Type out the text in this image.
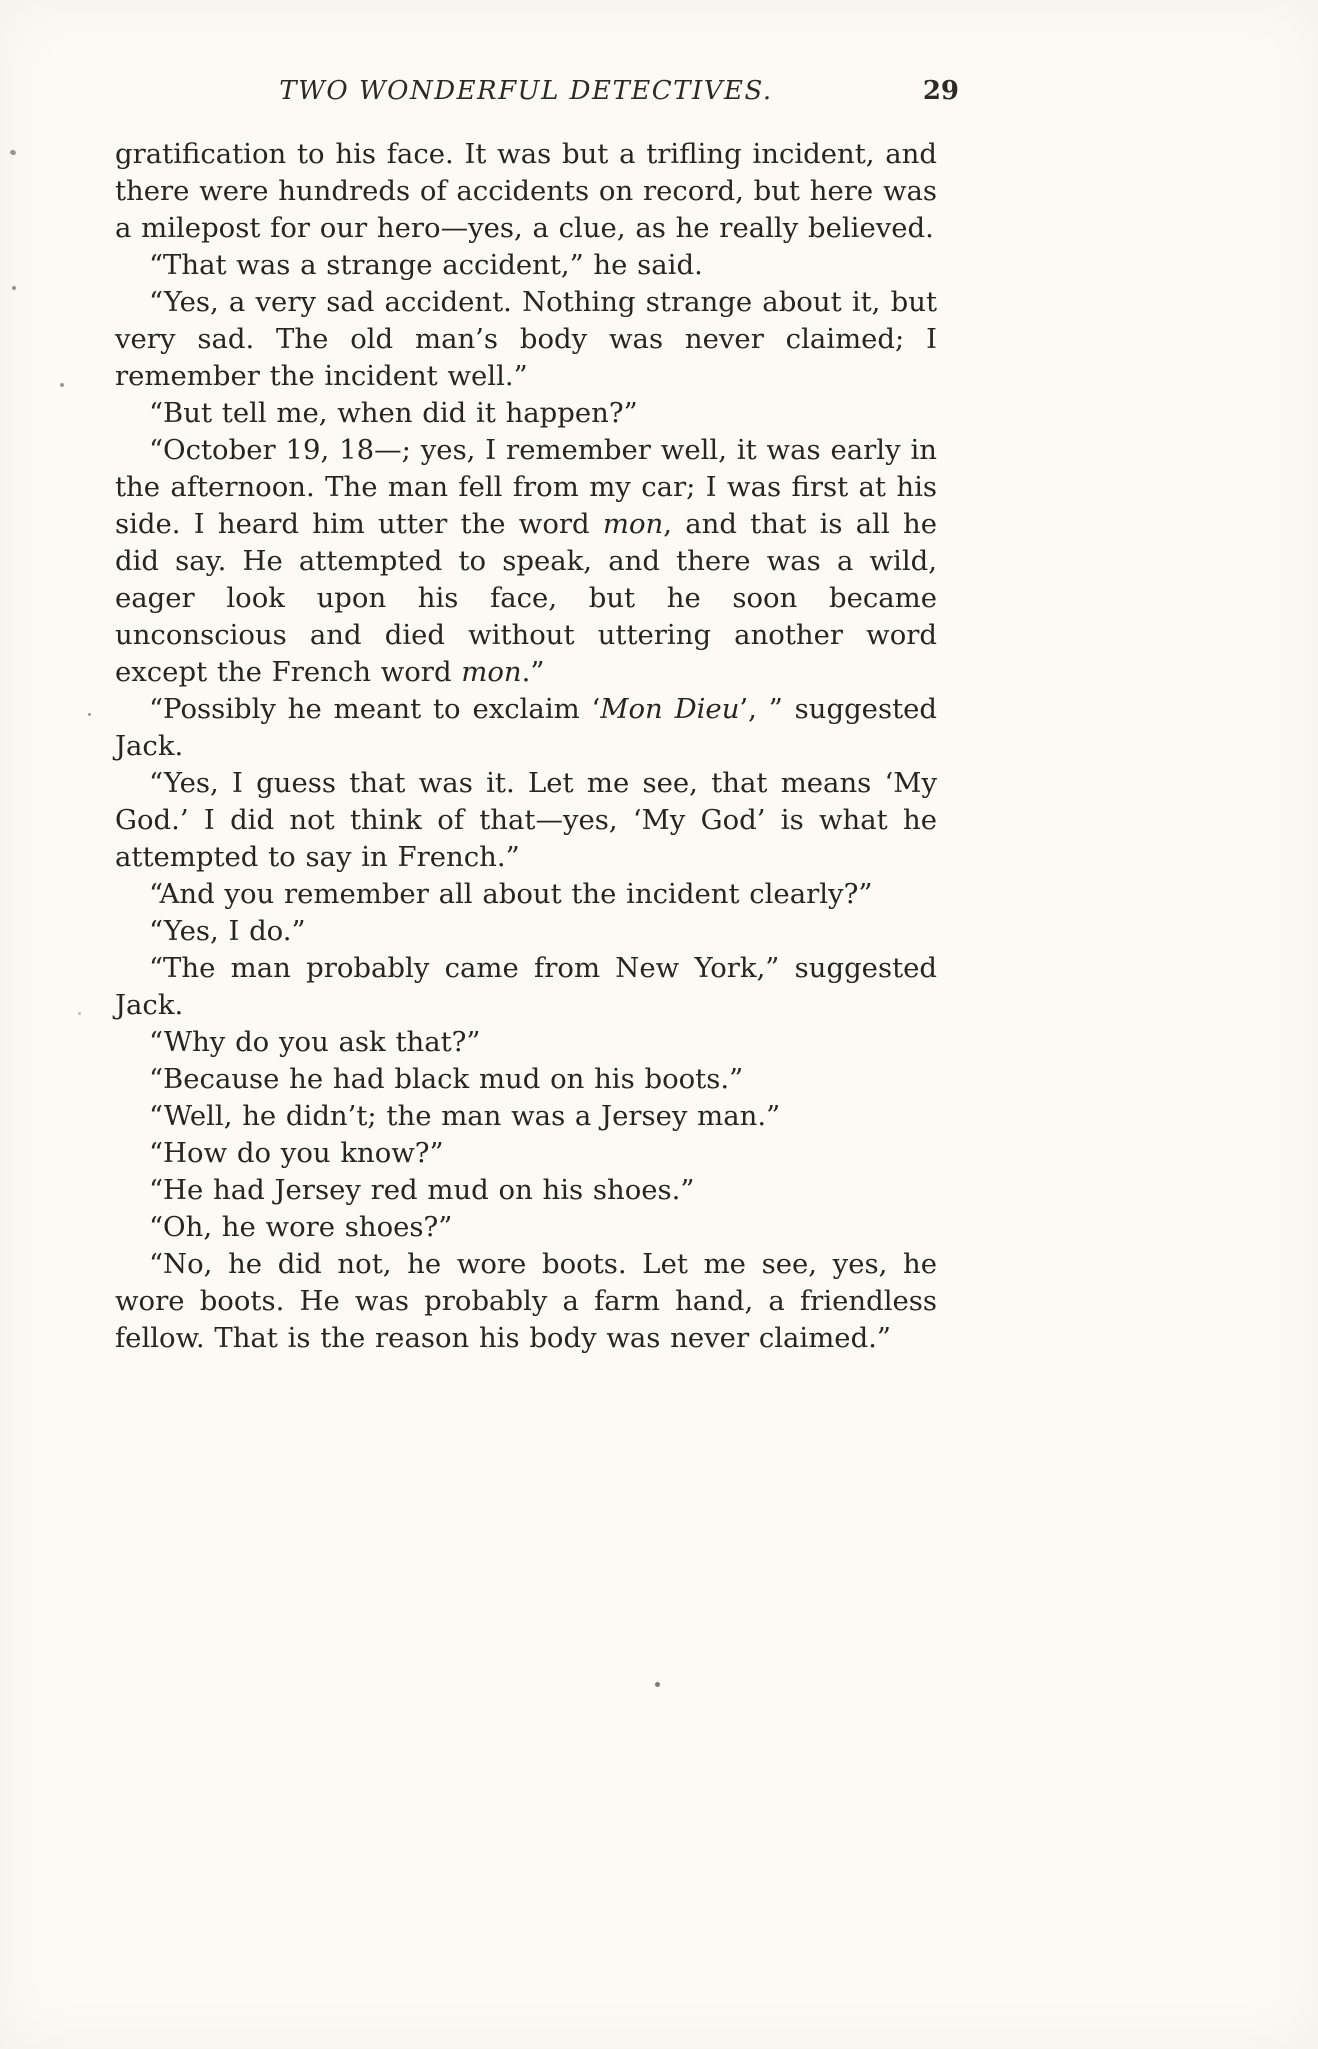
TWO WONDERFUL DETECTIVES.	29

gratification to his face. It was but a trifling incident, and there were hundreds of accidents on record, but here was a milepost for our hero—yes, a clue, as he really believed.

“That was a strange accident,” he said.

“Yes, a very sad accident. Nothing strange about it, but very sad. The old man’s body was never claimed; I remember the incident well.”

“But tell me, when did it happen?”

“October 19, 18—; yes, I remember well, it was early in the afternoon. The man fell from my car; I was first at his side. I heard him utter the word mon, and that is all he did say. He attempted to speak, and there was a wild, eager look upon his face, but he soon became unconscious and died without uttering another word except the French word mon.”

“Possibly he meant to exclaim ‘Mon Dieu’, ” suggested Jack.

“Yes, I guess that was it. Let me see, that means ‘My God.’ I did not think of that—yes, ‘My God’ is what he attempted to say in French.”

“And you remember all about the incident clearly?”

“Yes, I do.”

“The man probably came from New York,” suggested Jack.

“Why do you ask that?”

“Because he had black mud on his boots.”

“Well, he didn’t; the man was a Jersey man.”

“How do you know?”

“He had Jersey red mud on his shoes.”

“Oh, he wore shoes?”

“No, he did not, he wore boots. Let me see, yes, he wore boots. He was probably a farm hand, a friendless fellow. That is the reason his body was never claimed.”
